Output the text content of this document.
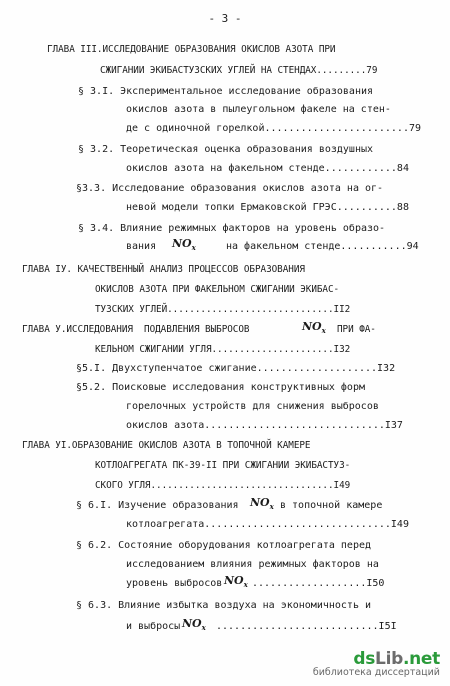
- 3 -
ГЛАВА III.ИССЛЕДОВАНИЕ ОБРАЗОВАНИЯ ОКИСЛОВ АЗОТА ПРИ
СЖИГАНИИ ЭКИБАСТУЗСКИХ УГЛЕЙ НА СТЕНДАХ.........79
§ 3.I. Экспериментальное исследование образования
окислов азота в пылеугольном факеле на стен-
де с одиночной горелкой........................79
§ 3.2. Теоретическая оценка образования воздушных
окислов азота на факельном стенде............84
§3.3. Исследование образования окислов азота на ог-
невой модели топки Ермаковской ГРЭС..........88
§ 3.4. Влияние режимных факторов на уровень образо-
вания $NO_x$	на факельном стенде...........94
ГЛАВА IУ. КАЧЕСТВЕННЫЙ АНАЛИЗ ПРОЦЕССОВ ОБРАЗОВАНИЯ
ОКИСЛОВ АЗОТА ПРИ ФАКЕЛЬНОМ СЖИГАНИИ ЭКИБАС-
ТУЗСКИХ УГЛЕЙ..............................II2
ГЛАВА У.ИССЛЕДОВАНИЯ  ПОДАВЛЕНИЯ ВЫБРОСОВ	$NO_x$ ПРИ ФА-
КЕЛЬНОМ СЖИГАНИИ УГЛЯ......................I32
§5.I. Двухступенчатое сжигание....................I32
§5.2. Поисковые исследования конструктивных форм
горелочных устройств для снижения выбросов
окислов азота..............................I37
ГЛАВА УI.ОБРАЗОВАНИЕ ОКИСЛОВ АЗОТА В ТОПОЧНОЙ КАМЕРЕ
КОТЛОАГРЕГАТА ПК-39-II ПРИ СЖИГАНИИ ЭКИБАСТУЗ-
СКОГО УГЛЯ.................................I49
§ 6.I. Изучение образования $NO_x$ в топочной камере
котлоагрегата...............................I49
§ 6.2. Состояние оборудования котлоагрегата перед
исследованием влияния режимных факторов на
уровень выбросов $NO_x$ ...................I50
§ 6.3. Влияние избытка воздуха на экономичность и
и выбросы $NO_x$ ...........................I5I
dsLib.net
библиотека диссертаций
